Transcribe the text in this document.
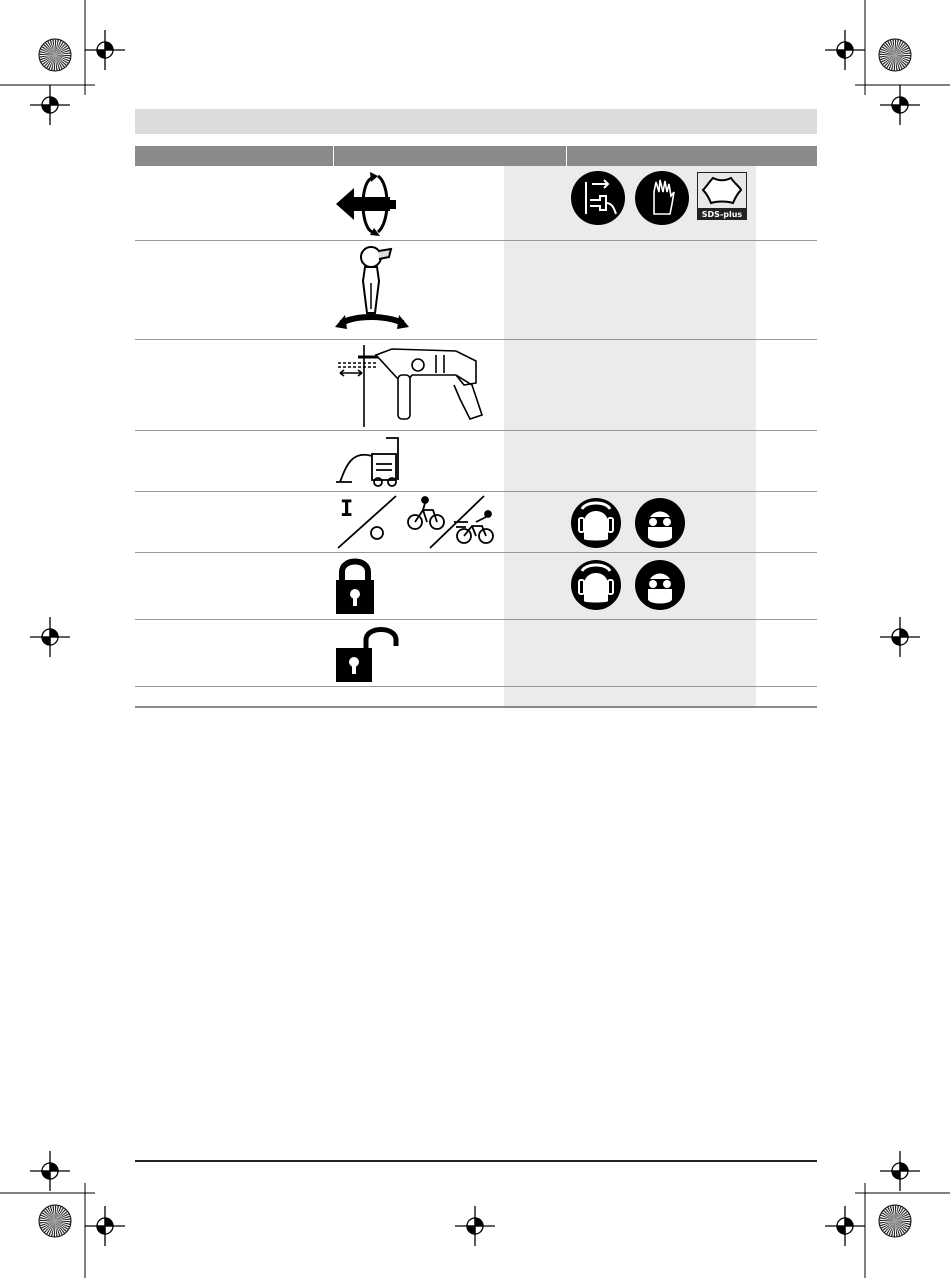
SDS-plus
I
